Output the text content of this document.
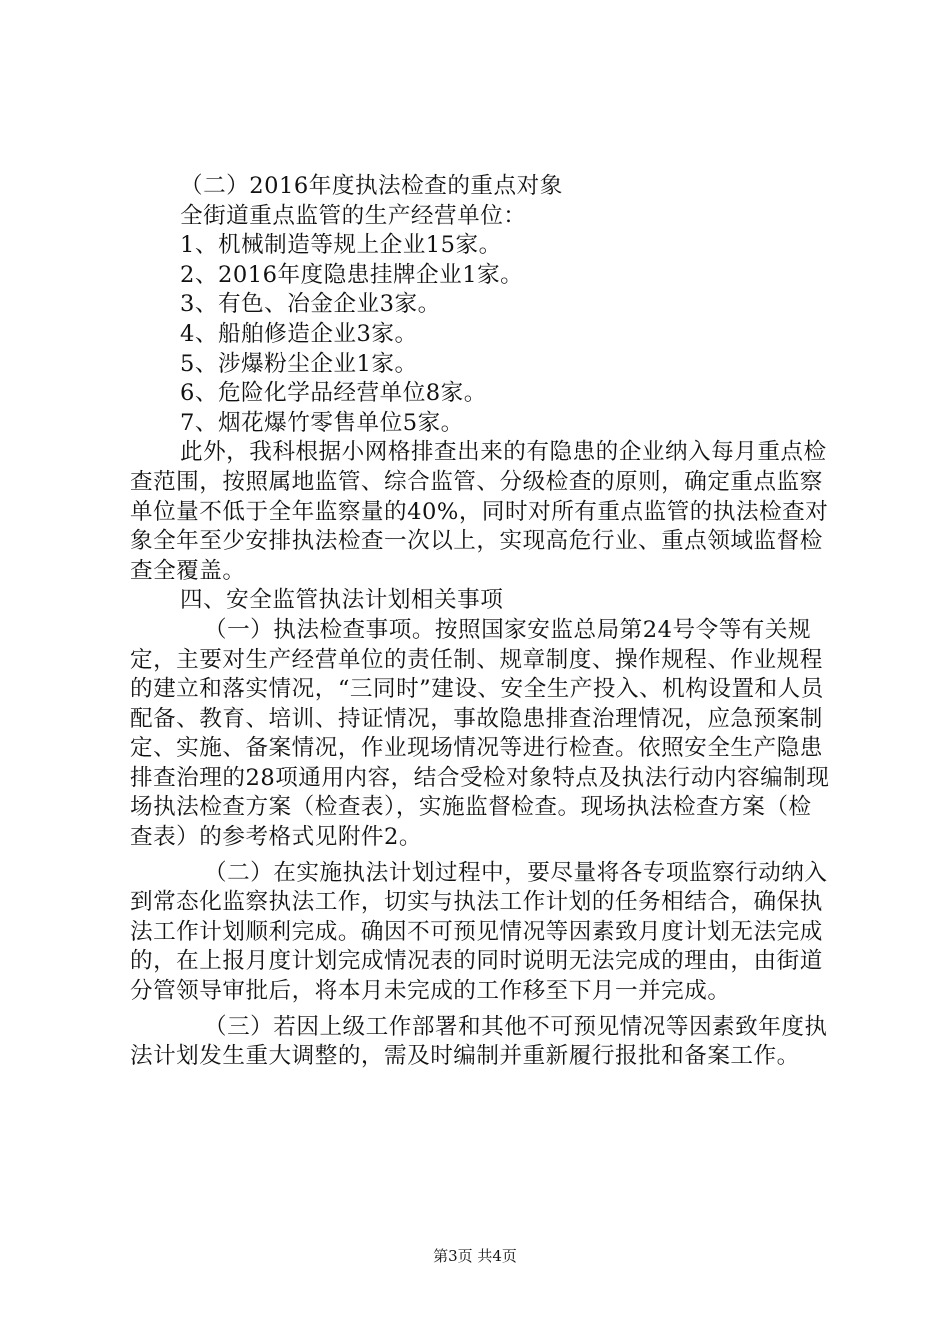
（二）2016年度执法检查的重点对象

全街道重点监管的生产经营单位：

1、机械制造等规上企业15家。

2、2016年度隐患挂牌企业1家。

3、有色、冶金企业3家。

4、船舶修造企业3家。

5、涉爆粉尘企业1家。

6、危险化学品经营单位8家。

7、烟花爆竹零售单位5家。

此外，我科根据小网格排查出来的有隐患的企业纳入每月重点检查范围，按照属地监管、综合监管、分级检查的原则，确定重点监察单位量不低于全年监察量的40%，同时对所有重点监管的执法检查对象全年至少安排执法检查一次以上，实现高危行业、重点领域监督检查全覆盖。

四、安全监管执法计划相关事项

（一）执法检查事项。按照国家安监总局第24号令等有关规定，主要对生产经营单位的责任制、规章制度、操作规程、作业规程的建立和落实情况，“三同时”建设、安全生产投入、机构设置和人员配备、教育、培训、持证情况，事故隐患排查治理情况，应急预案制定、实施、备案情况，作业现场情况等进行检查。依照安全生产隐患排查治理的28项通用内容，结合受检对象特点及执法行动内容编制现场执法检查方案（检查表），实施监督检查。现场执法检查方案（检查表）的参考格式见附件2。

（二）在实施执法计划过程中，要尽量将各专项监察行动纳入到常态化监察执法工作，切实与执法工作计划的任务相结合，确保执法工作计划顺利完成。确因不可预见情况等因素致月度计划无法完成的，在上报月度计划完成情况表的同时说明无法完成的理由，由街道分管领导审批后，将本月未完成的工作移至下月一并完成。

（三）若因上级工作部署和其他不可预见情况等因素致年度执法计划发生重大调整的，需及时编制并重新履行报批和备案工作。

第3页 共4页
